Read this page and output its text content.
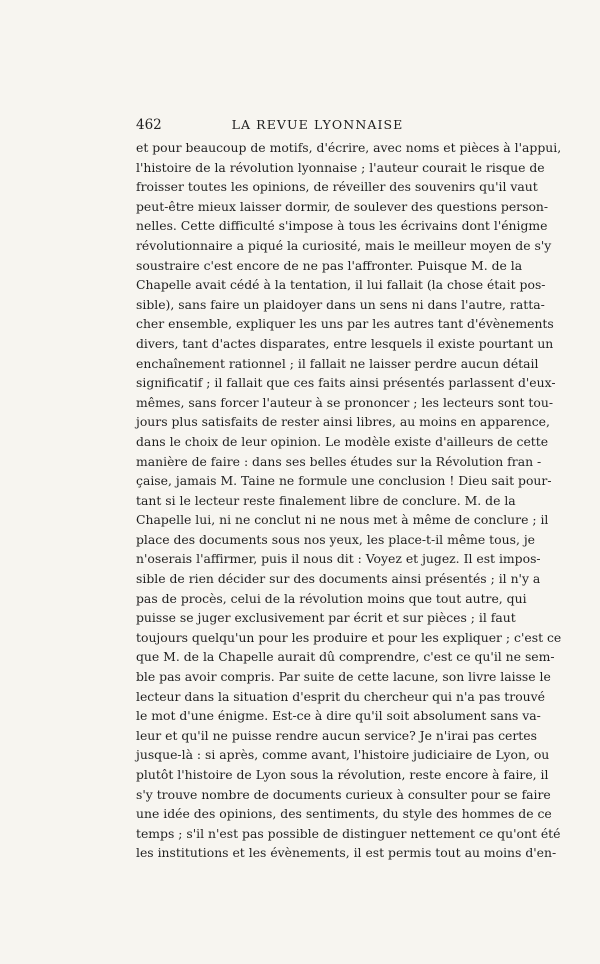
462	LA REVUE LYONNAISE
et pour beaucoup de motifs, d'écrire, avec noms et pièces à l'appui,
l'histoire de la révolution lyonnaise ; l'auteur courait le risque de
froisser toutes les opinions, de réveiller des souvenirs qu'il vaut
peut-être mieux laisser dormir, de soulever des questions person-
nelles. Cette difficulté s'impose à tous les écrivains dont l'énigme
révolutionnaire a piqué la curiosité, mais le meilleur moyen de s'y
soustraire c'est encore de ne pas l'affronter. Puisque M. de la
Chapelle avait cédé à la tentation, il lui fallait (la chose était pos-
sible), sans faire un plaidoyer dans un sens ni dans l'autre, ratta-
cher ensemble, expliquer les uns par les autres tant d'évènements
divers, tant d'actes disparates, entre lesquels il existe pourtant un
enchaînement rationnel ; il fallait ne laisser perdre aucun détail
significatif ; il fallait que ces faits ainsi présentés parlassent d'eux-
mêmes, sans forcer l'auteur à se prononcer ; les lecteurs sont tou-
jours plus satisfaits de rester ainsi libres, au moins en apparence,
dans le choix de leur opinion. Le modèle existe d'ailleurs de cette
manière de faire : dans ses belles études sur la Révolution fran -
çaise, jamais M. Taine ne formule une conclusion ! Dieu sait pour-
tant si le lecteur reste finalement libre de conclure. M. de la
Chapelle lui, ni ne conclut ni ne nous met à même de conclure ; il
place des documents sous nos yeux, les place-t-il même tous, je
n'oserais l'affirmer, puis il nous dit : Voyez et jugez. Il est impos-
sible de rien décider sur des documents ainsi présentés ; il n'y a
pas de procès, celui de la révolution moins que tout autre, qui
puisse se juger exclusivement par écrit et sur pièces ; il faut
toujours quelqu'un pour les produire et pour les expliquer ; c'est ce
que M. de la Chapelle aurait dû comprendre, c'est ce qu'il ne sem-
ble pas avoir compris. Par suite de cette lacune, son livre laisse le
lecteur dans la situation d'esprit du chercheur qui n'a pas trouvé
le mot d'une énigme. Est-ce à dire qu'il soit absolument sans va-
leur et qu'il ne puisse rendre aucun service? Je n'irai pas certes
jusque-là : si après, comme avant, l'histoire judiciaire de Lyon, ou
plutôt l'histoire de Lyon sous la révolution, reste encore à faire, il
s'y trouve nombre de documents curieux à consulter pour se faire
une idée des opinions, des sentiments, du style des hommes de ce
temps ; s'il n'est pas possible de distinguer nettement ce qu'ont été
les institutions et les évènements, il est permis tout au moins d'en-
